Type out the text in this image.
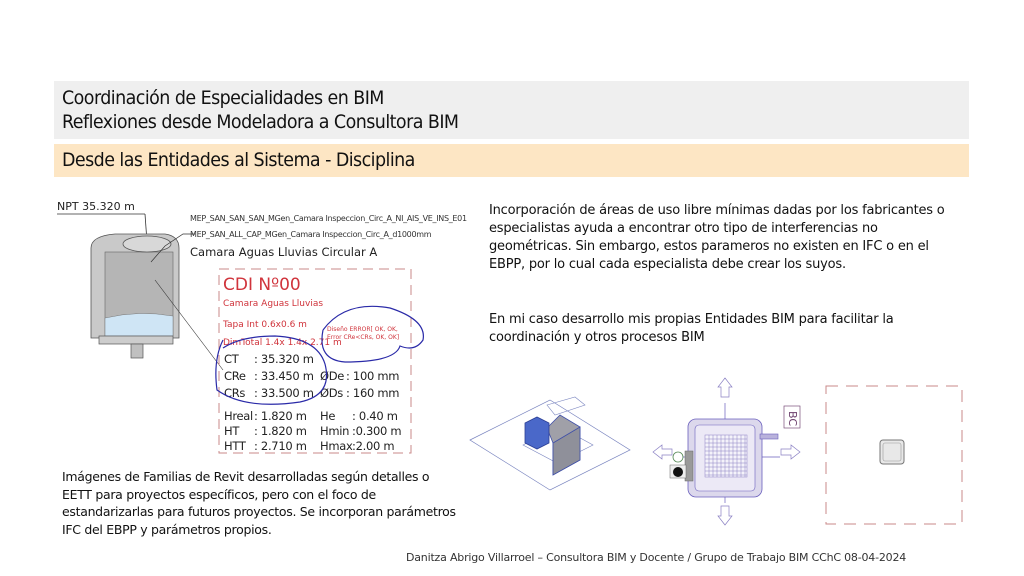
Coordinación de Especialidades en BIM
Reflexiones desde Modeladora a Consultora BIM
Desde las Entidades al Sistema - Disciplina
NPT 35.320 m
MEP_SAN_SAN_SAN_MGen_Camara Inspeccion_Circ_A_NI_AIS_VE_INS_E01
MEP_SAN_ALL_CAP_MGen_Camara Inspeccion_Circ_A_d1000mm
Camara Aguas Lluvias Circular A
CDI Nº00
Camara Aguas Lluvias
Tapa Int 0.6x0.6 m
DimTotal 1.4x 1.4x 2.71 m
Diseño ERROR[ OK, OK, Error CRe<CRs, OK, OK]
CT : 35.320 m
CRe : 33.450 m
CRs : 33.500 m
ØDe : 100 mm
ØDs : 160 mm
Hreal: 1.820 m
HT : 1.820 m
HTT : 2.710 m
He : 0.40 m
Hmin :0.300 m
Hmax:2.00 m
Imágenes de Familias de Revit desarrolladas según detalles o EETT para proyectos específicos, pero con el foco de estandarizarlas para futuros proyectos. Se incorporan parámetros IFC del EBPP y parámetros propios.
Incorporación de áreas de uso libre mínimas dadas por los fabricantes o especialistas ayuda a encontrar otro tipo de interferencias no geométricas. Sin embargo, estos parameros no existen en IFC o en el EBPP, por lo cual cada especialista debe crear los suyos.
En mi caso desarrollo mis propias Entidades BIM para facilitar la coordinación y otros procesos BIM
BC
Danitza Abrigo Villarroel – Consultora BIM y Docente / Grupo de Trabajo BIM CChC 08-04-2024
